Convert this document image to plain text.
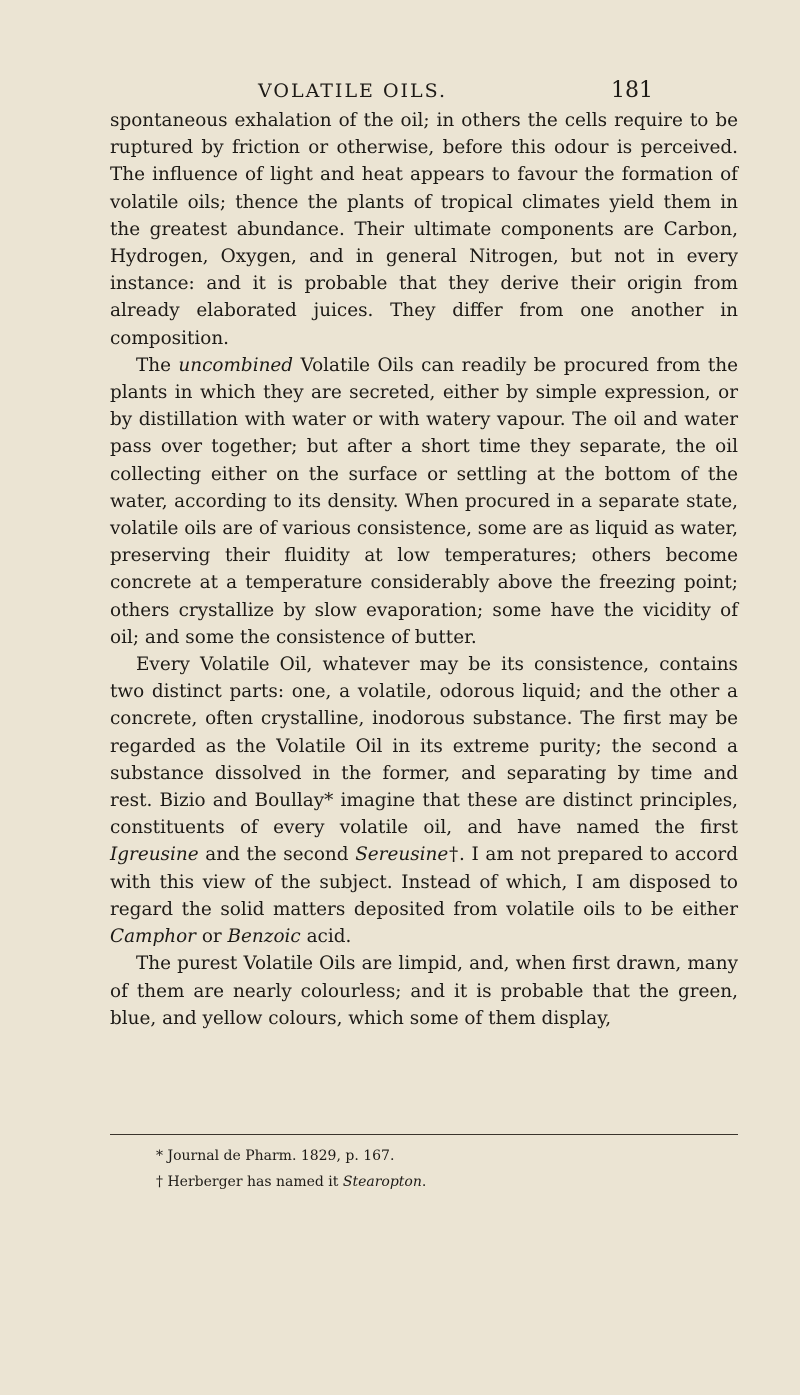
VOLATILE OILS.	181

spontaneous exhalation of the oil; in others the cells require to be ruptured by friction or otherwise, before this odour is perceived. The influence of light and heat appears to favour the formation of volatile oils; thence the plants of tropical climates yield them in the greatest abundance. Their ultimate components are Carbon, Hydrogen, Oxygen, and in general Nitrogen, but not in every instance: and it is probable that they derive their origin from already elaborated juices. They differ from one another in composition.

The uncombined Volatile Oils can readily be procured from the plants in which they are secreted, either by simple expression, or by distillation with water or with watery vapour. The oil and water pass over together; but after a short time they separate, the oil collecting either on the surface or settling at the bottom of the water, according to its density. When procured in a separate state, volatile oils are of various consistence, some are as liquid as water, preserving their fluidity at low temperatures; others become concrete at a temperature considerably above the freezing point; others crystallize by slow evaporation; some have the vicidity of oil; and some the consistence of butter.

Every Volatile Oil, whatever may be its consistence, contains two distinct parts: one, a volatile, odorous liquid; and the other a concrete, often crystalline, inodorous substance. The first may be regarded as the Volatile Oil in its extreme purity; the second a substance dissolved in the former, and separating by time and rest. Bizio and Boullay* imagine that these are distinct principles, constituents of every volatile oil, and have named the first Igreusine and the second Sereusine†. I am not prepared to accord with this view of the subject. Instead of which, I am disposed to regard the solid matters deposited from volatile oils to be either Camphor or Benzoic acid.

The purest Volatile Oils are limpid, and, when first drawn, many of them are nearly colourless; and it is probable that the green, blue, and yellow colours, which some of them display,

* Journal de Pharm. 1829, p. 167.
† Herberger has named it Stearopton.
